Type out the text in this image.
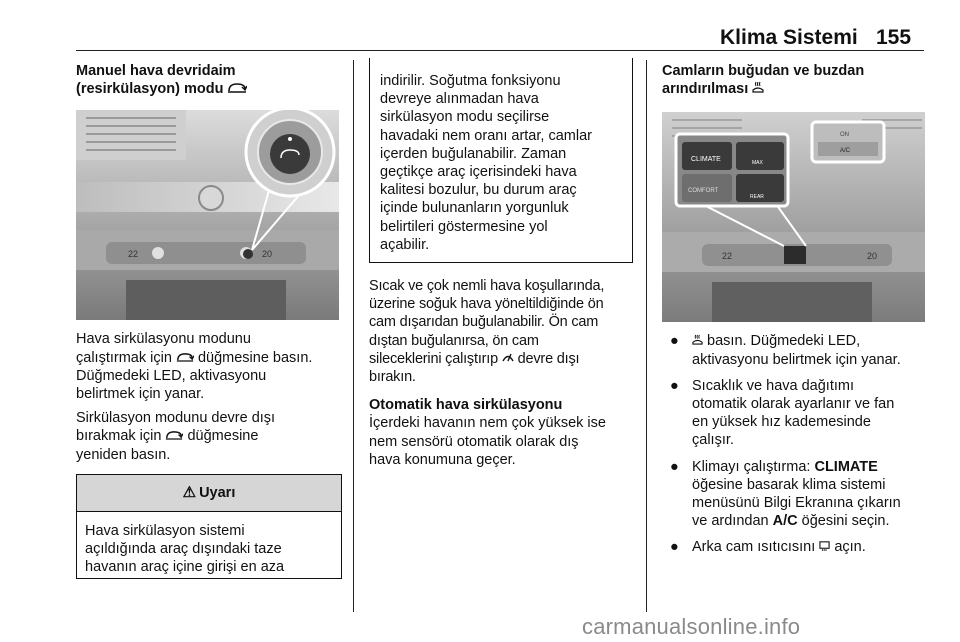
Klima Sistemi 155

Manuel hava devridaim
(resirkülasyon) modu

22	20

Hava sirkülasyonu modunu
çalıştırmak için düğmesine basın.
Düğmedeki LED, aktivasyonu
belirtmek için yanar.

Sirkülasyon modunu devre dışı
bırakmak için düğmesine
yeniden basın.

⚠ Uyarı
Hava sirkülasyon sistemi
açıldığında araç dışındaki taze
havanın araç içine girişi en aza
indirilir. Soğutma fonksiyonu
devreye alınmadan hava
sirkülasyon modu seçilirse
havadaki nem oranı artar, camlar
içerden buğulanabilir. Zaman
geçtikçe araç içerisindeki hava
kalitesi bozulur, bu durum araç
içinde bulunanların yorgunluk
belirtileri göstermesine yol
açabilir.

Sıcak ve çok nemli hava koşullarında,
üzerine soğuk hava yöneltildiğinde ön
cam dışarıdan buğulanabilir. Ön cam
dıştan buğulanırsa, ön cam
sileceklerini çalıştırıp devre dışı
bırakın.

Otomatik hava sirkülasyonu

İçerdeki havanın nem çok yüksek ise
nem sensörü otomatik olarak dış
hava konumuna geçer.

Camların buğudan ve buzdan
arındırılması

22	20
CLIMATE	MAX
COMFORT
REAR
ON
A/C
●	basın. Düğmedeki LED,
aktivasyonu belirtmek için yanar.
● Sıcaklık ve hava dağıtımı
otomatik olarak ayarlanır ve fan
en yüksek hız kademesinde
çalışır.
● Klimayı çalıştırma: CLIMATE
öğesine basarak klima sistemi
menüsünü Bilgi Ekranına çıkarın
ve ardından A/C öğesini seçin.
● Arka cam ısıtıcısını açın.
carmanualsonline.info
